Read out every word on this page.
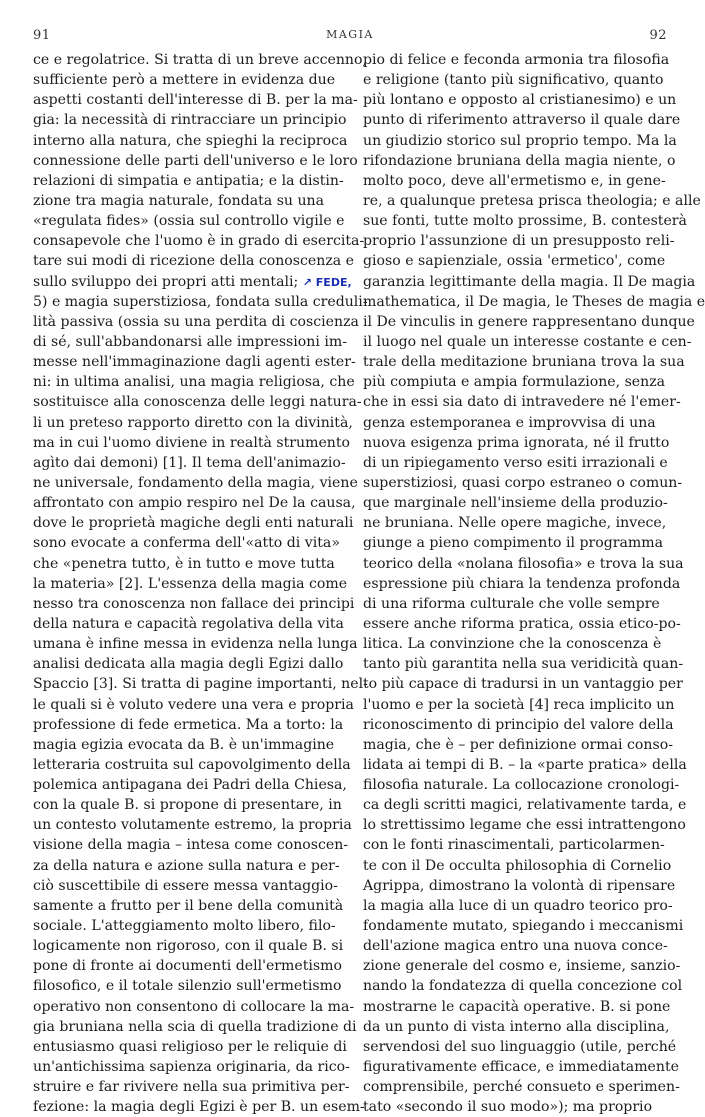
91	MAGIA	92
ce e regolatrice. Si tratta di un breve accenno,
sufficiente però a mettere in evidenza due
aspetti costanti dell'interesse di B. per la ma-
gia: la necessità di rintracciare un principio
interno alla natura, che spieghi la reciproca
connessione delle parti dell'universo e le loro
relazioni di simpatia e antipatia; e la distin-
zione tra magia naturale, fondata su una
«regulata fides» (ossia sul controllo vigile e
consapevole che l'uomo è in grado di esercita-
tare sui modi di ricezione della conoscenza e
sullo sviluppo dei propri atti mentali; ↗ FEDE,
5) e magia superstiziosa, fondata sulla creduli-
lità passiva (ossia su una perdita di coscienza
di sé, sull'abbandonarsi alle impressioni im-
messe nell'immaginazione dagli agenti ester-
ni: in ultima analisi, una magia religiosa, che
sostituisce alla conoscenza delle leggi natura-
li un preteso rapporto diretto con la divinità,
ma in cui l'uomo diviene in realtà strumento
agìto dai demoni) [1]. Il tema dell'animazio-
ne universale, fondamento della magia, viene
affrontato con ampio respiro nel De la causa,
dove le proprietà magiche degli enti naturali
sono evocate a conferma dell'«atto di vita»
che «penetra tutto, è in tutto e move tutta
la materia» [2]. L'essenza della magia come
nesso tra conoscenza non fallace dei principi
della natura e capacità regolativa della vita
umana è infine messa in evidenza nella lunga
analisi dedicata alla magia degli Egizi dallo
Spaccio [3]. Si tratta di pagine importanti, nel-
le quali si è voluto vedere una vera e propria
professione di fede ermetica. Ma a torto: la
magia egizia evocata da B. è un'immagine
letteraria costruita sul capovolgimento della
polemica antipagana dei Padri della Chiesa,
con la quale B. si propone di presentare, in
un contesto volutamente estremo, la propria
visione della magia – intesa come conoscen-
za della natura e azione sulla natura e per-
ciò suscettibile di essere messa vantaggio-
samente a frutto per il bene della comunità
sociale. L'atteggiamento molto libero, filo-
logicamente non rigoroso, con il quale B. si
pone di fronte ai documenti dell'ermetismo
filosofico, e il totale silenzio sull'ermetismo
operativo non consentono di collocare la ma-
gia bruniana nella scia di quella tradizione di
entusiasmo quasi religioso per le reliquie di
un'antichissima sapienza originaria, da rico-
struire e far rivivere nella sua primitiva per-
fezione: la magia degli Egizi è per B. un esem-
pio di felice e feconda armonia tra filosofia
e religione (tanto più significativo, quanto
più lontano e opposto al cristianesimo) e un
punto di riferimento attraverso il quale dare
un giudizio storico sul proprio tempo. Ma la
rifondazione bruniana della magia niente, o
molto poco, deve all'ermetismo e, in gene-
re, a qualunque pretesa prisca theologia; e alle
sue fonti, tutte molto prossime, B. contesterà
proprio l'assunzione di un presupposto reli-
gioso e sapienziale, ossia 'ermetico', come
garanzia legittimante della magia. Il De magia
mathematica, il De magia, le Theses de magia e
il De vinculis in genere rappresentano dunque
il luogo nel quale un interesse costante e cen-
trale della meditazione bruniana trova la sua
più compiuta e ampia formulazione, senza
che in essi sia dato di intravedere né l'emer-
genza estemporanea e improvvisa di una
nuova esigenza prima ignorata, né il frutto
di un ripiegamento verso esiti irrazionali e
superstiziosi, quasi corpo estraneo o comun-
que marginale nell'insieme della produzio-
ne bruniana. Nelle opere magiche, invece,
giunge a pieno compimento il programma
teorico della «nolana filosofia» e trova la sua
espressione più chiara la tendenza profonda
di una riforma culturale che volle sempre
essere anche riforma pratica, ossia etico-po-
litica. La convinzione che la conoscenza è
tanto più garantita nella sua veridicità quan-
to più capace di tradursi in un vantaggio per
l'uomo e per la società [4] reca implicito un
riconoscimento di principio del valore della
magia, che è – per definizione ormai conso-
lidata ai tempi di B. – la «parte pratica» della
filosofia naturale. La collocazione cronologi-
ca degli scritti magici, relativamente tarda, e
lo strettissimo legame che essi intrattengono
con le fonti rinascimentali, particolarmen-
te con il De occulta philosophia di Cornelio
Agrippa, dimostrano la volontà di ripensare
la magia alla luce di un quadro teorico pro-
fondamente mutato, spiegando i meccanismi
dell'azione magica entro una nuova conce-
zione generale del cosmo e, insieme, sanzio-
nando la fondatezza di quella concezione col
mostrarne le capacità operative. B. si pone
da un punto di vista interno alla disciplina,
servendosi del suo linguaggio (utile, perché
figurativamente efficace, e immediatamente
comprensibile, perché consueto e sperimen-
tato «secondo il suo modo»); ma proprio
